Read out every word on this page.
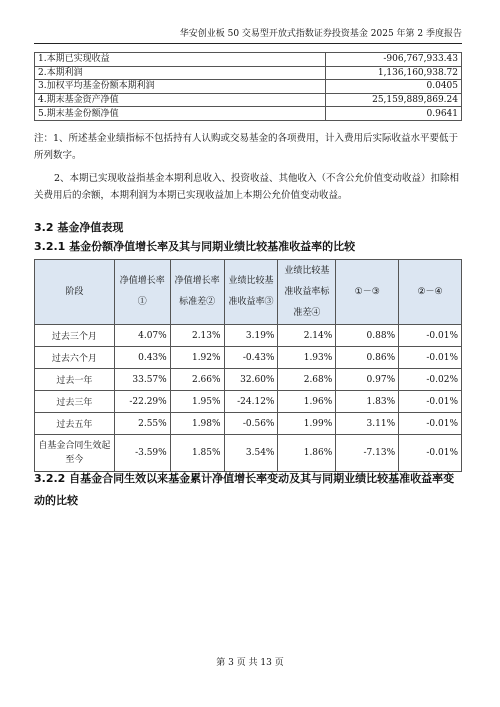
华安创业板 50 交易型开放式指数证券投资基金 2025 年第 2 季度报告
1.本期已实现收益	-906,767,933.43
2.本期利润	1,136,160,938.72
3.加权平均基金份额本期利润	0.0405
4.期末基金资产净值	25,159,889,869.24
5.期末基金份额净值	0.9641
注：1、所述基金业绩指标不包括持有人认购或交易基金的各项费用，计入费用后实际收益水平要低于所列数字。
2、本期已实现收益指基金本期利息收入、投资收益、其他收入（不含公允价值变动收益）扣除相关费用后的余额，本期利润为本期已实现收益加上本期公允价值变动收益。
3.2 基金净值表现
3.2.1 基金份额净值增长率及其与同期业绩比较基准收益率的比较
阶段	净值增长率①	净值增长率标准差②	业绩比较基准收益率③	业绩比较基准收益率标准差④	①－③	②－④
过去三个月	4.07%	2.13%	3.19%	2.14%	0.88%	-0.01%
过去六个月	0.43%	1.92%	-0.43%	1.93%	0.86%	-0.01%
过去一年	33.57%	2.66%	32.60%	2.68%	0.97%	-0.02%
过去三年	-22.29%	1.95%	-24.12%	1.96%	1.83%	-0.01%
过去五年	2.55%	1.98%	-0.56%	1.99%	3.11%	-0.01%
自基金合同生效起至今	-3.59%	1.85%	3.54%	1.86%	-7.13%	-0.01%
3.2.2 自基金合同生效以来基金累计净值增长率变动及其与同期业绩比较基准收益率变动的比较
第 3 页 共 13 页
